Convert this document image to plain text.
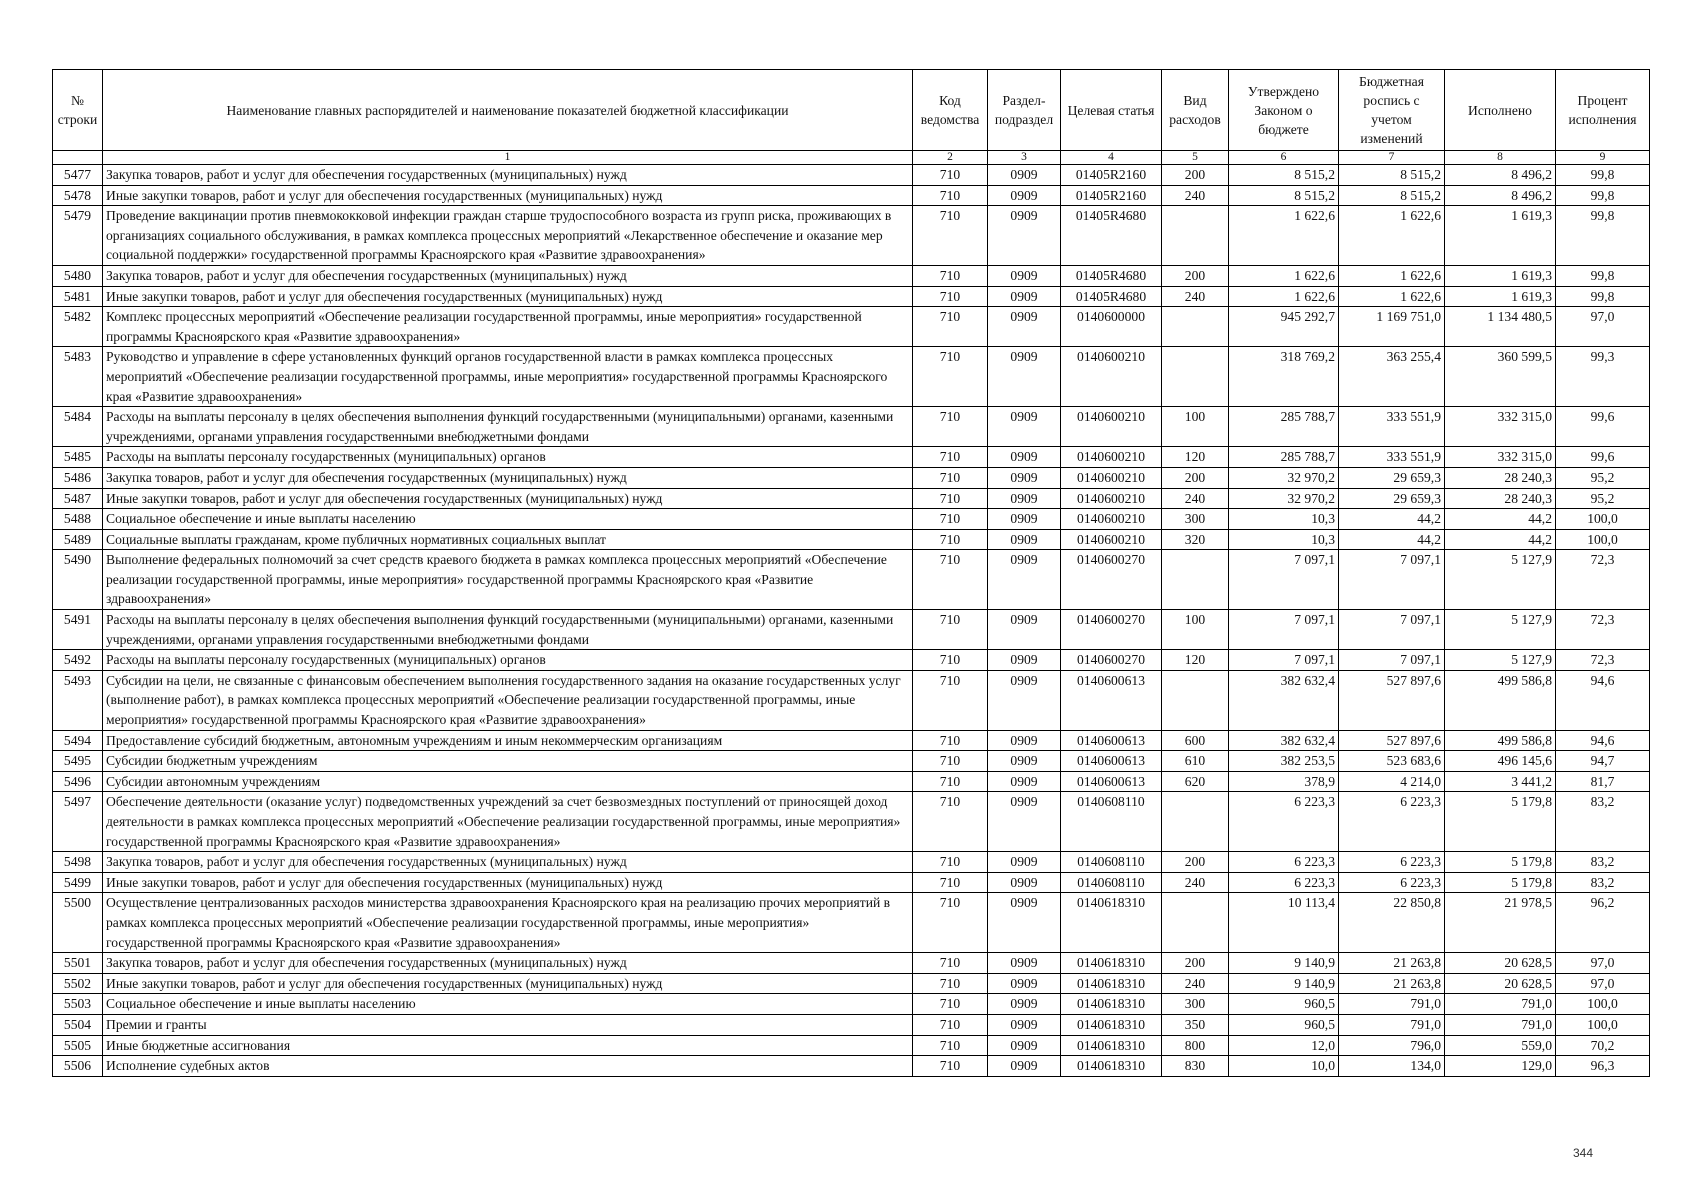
№ строки	Наименование главных распорядителей и наименование показателей бюджетной классификации	Код ведомства	Раздел-подраздел	Целевая статья	Вид расходов	Утверждено Законом о бюджете	Бюджетная роспись с учетом изменений	Исполнено	Процент исполнения
	1	2	3	4	5	6	7	8	9
5477	Закупка товаров, работ и услуг для обеспечения государственных (муниципальных) нужд	710	0909	01405R2160	200	8 515,2	8 515,2	8 496,2	99,8
5478	Иные закупки товаров, работ и услуг для обеспечения государственных (муниципальных) нужд	710	0909	01405R2160	240	8 515,2	8 515,2	8 496,2	99,8
5479	Проведение вакцинации против пневмококковой инфекции граждан старше трудоспособного возраста из групп риска, проживающих в организациях социального обслуживания, в рамках комплекса процессных мероприятий «Лекарственное обеспечение и оказание мер социальной поддержки» государственной программы Красноярского края «Развитие здравоохранения»	710	0909	01405R4680		1 622,6	1 622,6	1 619,3	99,8
5480	Закупка товаров, работ и услуг для обеспечения государственных (муниципальных) нужд	710	0909	01405R4680	200	1 622,6	1 622,6	1 619,3	99,8
5481	Иные закупки товаров, работ и услуг для обеспечения государственных (муниципальных) нужд	710	0909	01405R4680	240	1 622,6	1 622,6	1 619,3	99,8
5482	Комплекс процессных мероприятий «Обеспечение реализации государственной программы, иные мероприятия» государственной программы Красноярского края «Развитие здравоохранения»	710	0909	0140600000		945 292,7	1 169 751,0	1 134 480,5	97,0
5483	Руководство и управление в сфере установленных функций органов государственной власти в рамках комплекса процессных мероприятий «Обеспечение реализации государственной программы, иные мероприятия» государственной программы Красноярского края «Развитие здравоохранения»	710	0909	0140600210		318 769,2	363 255,4	360 599,5	99,3
5484	Расходы на выплаты персоналу в целях обеспечения выполнения функций государственными (муниципальными) органами, казенными учреждениями, органами управления государственными внебюджетными фондами	710	0909	0140600210	100	285 788,7	333 551,9	332 315,0	99,6
5485	Расходы на выплаты персоналу государственных (муниципальных) органов	710	0909	0140600210	120	285 788,7	333 551,9	332 315,0	99,6
5486	Закупка товаров, работ и услуг для обеспечения государственных (муниципальных) нужд	710	0909	0140600210	200	32 970,2	29 659,3	28 240,3	95,2
5487	Иные закупки товаров, работ и услуг для обеспечения государственных (муниципальных) нужд	710	0909	0140600210	240	32 970,2	29 659,3	28 240,3	95,2
5488	Социальное обеспечение и иные выплаты населению	710	0909	0140600210	300	10,3	44,2	44,2	100,0
5489	Социальные выплаты гражданам, кроме публичных нормативных социальных выплат	710	0909	0140600210	320	10,3	44,2	44,2	100,0
5490	Выполнение федеральных полномочий за счет средств краевого бюджета в рамках комплекса процессных мероприятий «Обеспечение реализации государственной программы, иные мероприятия» государственной программы Красноярского края «Развитие здравоохранения»	710	0909	0140600270		7 097,1	7 097,1	5 127,9	72,3
5491	Расходы на выплаты персоналу в целях обеспечения выполнения функций государственными (муниципальными) органами, казенными учреждениями, органами управления государственными внебюджетными фондами	710	0909	0140600270	100	7 097,1	7 097,1	5 127,9	72,3
5492	Расходы на выплаты персоналу государственных (муниципальных) органов	710	0909	0140600270	120	7 097,1	7 097,1	5 127,9	72,3
5493	Субсидии на цели, не связанные с финансовым обеспечением выполнения государственного задания на оказание государственных услуг (выполнение работ), в рамках комплекса процессных мероприятий «Обеспечение реализации государственной программы, иные мероприятия» государственной программы Красноярского края «Развитие здравоохранения»	710	0909	0140600613		382 632,4	527 897,6	499 586,8	94,6
5494	Предоставление субсидий бюджетным, автономным учреждениям и иным некоммерческим организациям	710	0909	0140600613	600	382 632,4	527 897,6	499 586,8	94,6
5495	Субсидии бюджетным учреждениям	710	0909	0140600613	610	382 253,5	523 683,6	496 145,6	94,7
5496	Субсидии автономным учреждениям	710	0909	0140600613	620	378,9	4 214,0	3 441,2	81,7
5497	Обеспечение деятельности (оказание услуг) подведомственных учреждений за счет безвозмездных поступлений от приносящей доход деятельности в рамках комплекса процессных мероприятий «Обеспечение реализации государственной программы, иные мероприятия» государственной программы Красноярского края «Развитие здравоохранения»	710	0909	0140608110		6 223,3	6 223,3	5 179,8	83,2
5498	Закупка товаров, работ и услуг для обеспечения государственных (муниципальных) нужд	710	0909	0140608110	200	6 223,3	6 223,3	5 179,8	83,2
5499	Иные закупки товаров, работ и услуг для обеспечения государственных (муниципальных) нужд	710	0909	0140608110	240	6 223,3	6 223,3	5 179,8	83,2
5500	Осуществление централизованных расходов министерства здравоохранения Красноярского края на реализацию прочих мероприятий в рамках комплекса процессных мероприятий «Обеспечение реализации государственной программы, иные мероприятия» государственной программы Красноярского края «Развитие здравоохранения»	710	0909	0140618310		10 113,4	22 850,8	21 978,5	96,2
5501	Закупка товаров, работ и услуг для обеспечения государственных (муниципальных) нужд	710	0909	0140618310	200	9 140,9	21 263,8	20 628,5	97,0
5502	Иные закупки товаров, работ и услуг для обеспечения государственных (муниципальных) нужд	710	0909	0140618310	240	9 140,9	21 263,8	20 628,5	97,0
5503	Социальное обеспечение и иные выплаты населению	710	0909	0140618310	300	960,5	791,0	791,0	100,0
5504	Премии и гранты	710	0909	0140618310	350	960,5	791,0	791,0	100,0
5505	Иные бюджетные ассигнования	710	0909	0140618310	800	12,0	796,0	559,0	70,2
5506	Исполнение судебных актов	710	0909	0140618310	830	10,0	134,0	129,0	96,3
344
